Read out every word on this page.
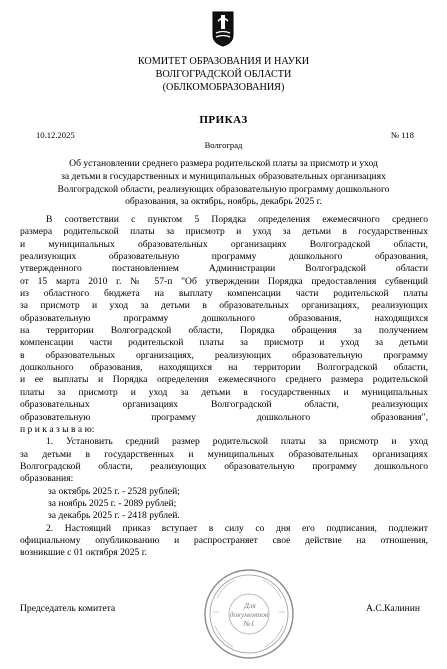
КОМИТЕТ ОБРАЗОВАНИЯ И НАУКИ
ВОЛГОГРАДСКОЙ ОБЛАСТИ
(ОБЛКОМОБРАЗОВАНИЯ)
ПРИКАЗ
10.12.2025	№ 118
Волгоград
Об установлении среднего размера родительской платы за присмотр и уход
за детьми в государственных и муниципальных образовательных организациях
Волгоградской области, реализующих образовательную программу дошкольного
образования, за октябрь, ноябрь, декабрь 2025 г.

В соответствии с пунктом 5 Порядка определения ежемесячного среднего

размера родительской платы за присмотр и уход за детьми в государственных

и муниципальных образовательных организациях Волгоградской области,

реализующих образовательную программу дошкольного образования,

утвержденного постановлением Администрации Волгоградской области

от 15 марта 2010 г. № 57-п "Об утверждении Порядка предоставления субвенций

из областного бюджета на выплату компенсации части родительской платы

за присмотр и уход за детьми в образовательных организациях, реализующих

образовательную программу дошкольного образования, находящихся

на территории Волгоградской области, Порядка обращения за получением

компенсации части родительской платы за присмотр и уход за детьми

в образовательных организациях, реализующих образовательную программу

дошкольного образования, находящихся на территории Волгоградской области,

и ее выплаты и Порядка определения ежемесячного среднего размера родительской

платы за присмотр и уход за детьми в государственных и муниципальных

образовательных организациях Волгоградской области, реализующих

образовательную программу дошкольного образования",

п р и к а з ы в а ю:

1. Установить средний размер родительской платы за присмотр и уход

за детьми в государственных и муниципальных образовательных организациях

Волгоградской области, реализующих образовательную программу дошкольного

образования:

за октябрь 2025 г. - 2528 рублей;

за ноябрь 2025 г. - 2089 рублей;

за декабрь 2025 г. - 2418 рублей.

2. Настоящий приказ вступает в силу со дня его подписания, подлежит

официальному опубликованию и распространяет свое действие на отношения,

возникшие с 01 октября 2025 г.

Председатель комитета	А.С.Калинин
Для
документов
№1
